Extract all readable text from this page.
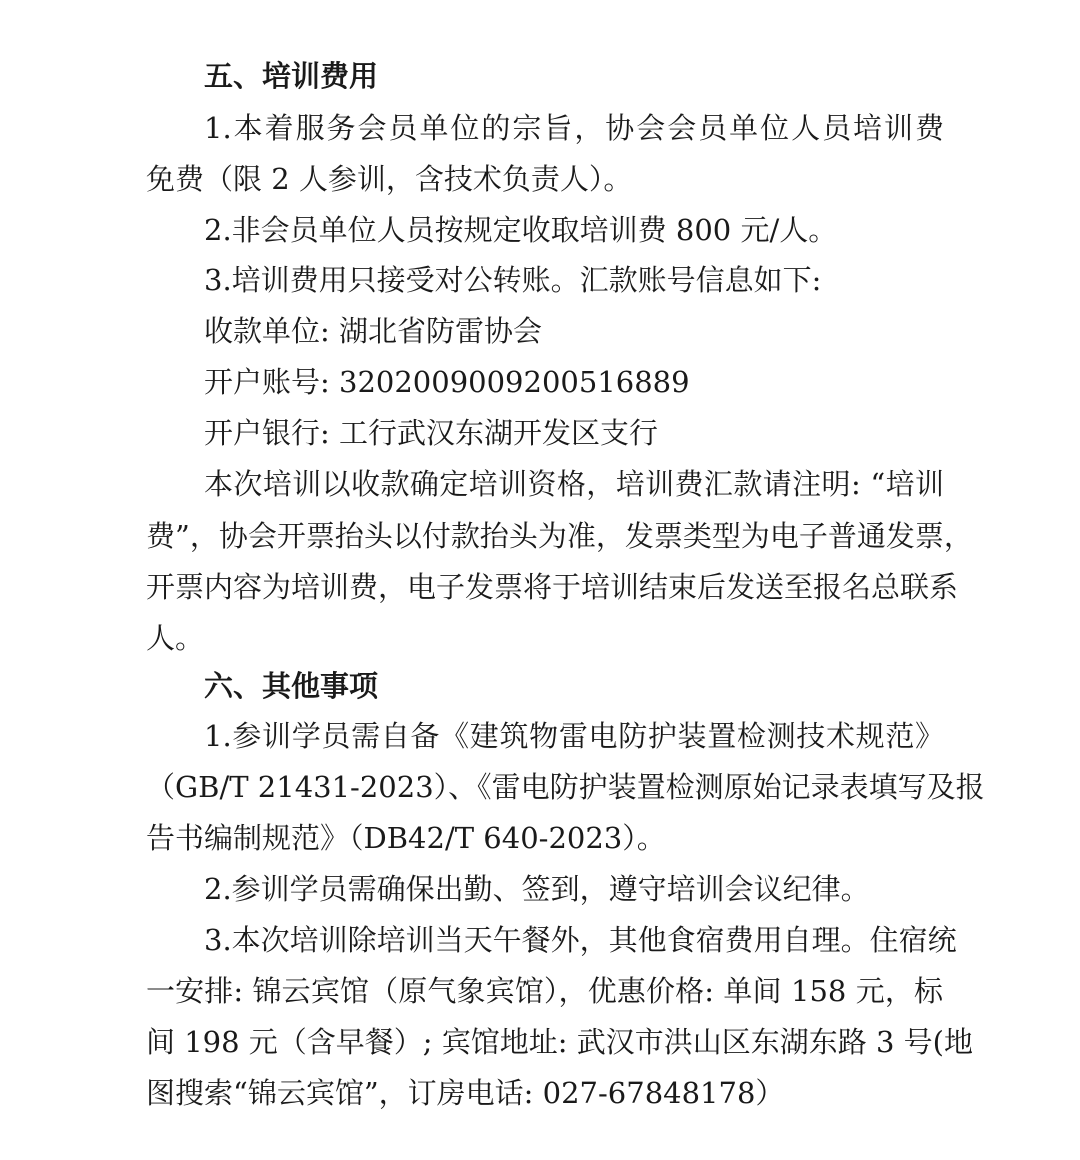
五、培训费用
1.本着服务会员单位的宗旨，协会会员单位人员培训费
免费（限 2 人参训，含技术负责人）。
2.非会员单位人员按规定收取培训费 800 元/人。
3.培训费用只接受对公转账。汇款账号信息如下:
收款单位: 湖北省防雷协会
开户账号: 3202009009200516889
开户银行: 工行武汉东湖开发区支行
本次培训以收款确定培训资格，培训费汇款请注明: “培训
费”，协会开票抬头以付款抬头为准，发票类型为电子普通发票，
开票内容为培训费，电子发票将于培训结束后发送至报名总联系
人。
六、其他事项
1.参训学员需自备《建筑物雷电防护装置检测技术规范》
（GB/T 21431-2023）、《雷电防护装置检测原始记录表填写及报
告书编制规范》（DB42/T 640-2023）。
2.参训学员需确保出勤、签到，遵守培训会议纪律。
3.本次培训除培训当天午餐外，其他食宿费用自理。住宿统
一安排: 锦云宾馆（原气象宾馆），优惠价格: 单间 158 元，标
间 198 元（含早餐）; 宾馆地址: 武汉市洪山区东湖东路 3 号(地
图搜索“锦云宾馆”，订房电话: 027-67848178）
